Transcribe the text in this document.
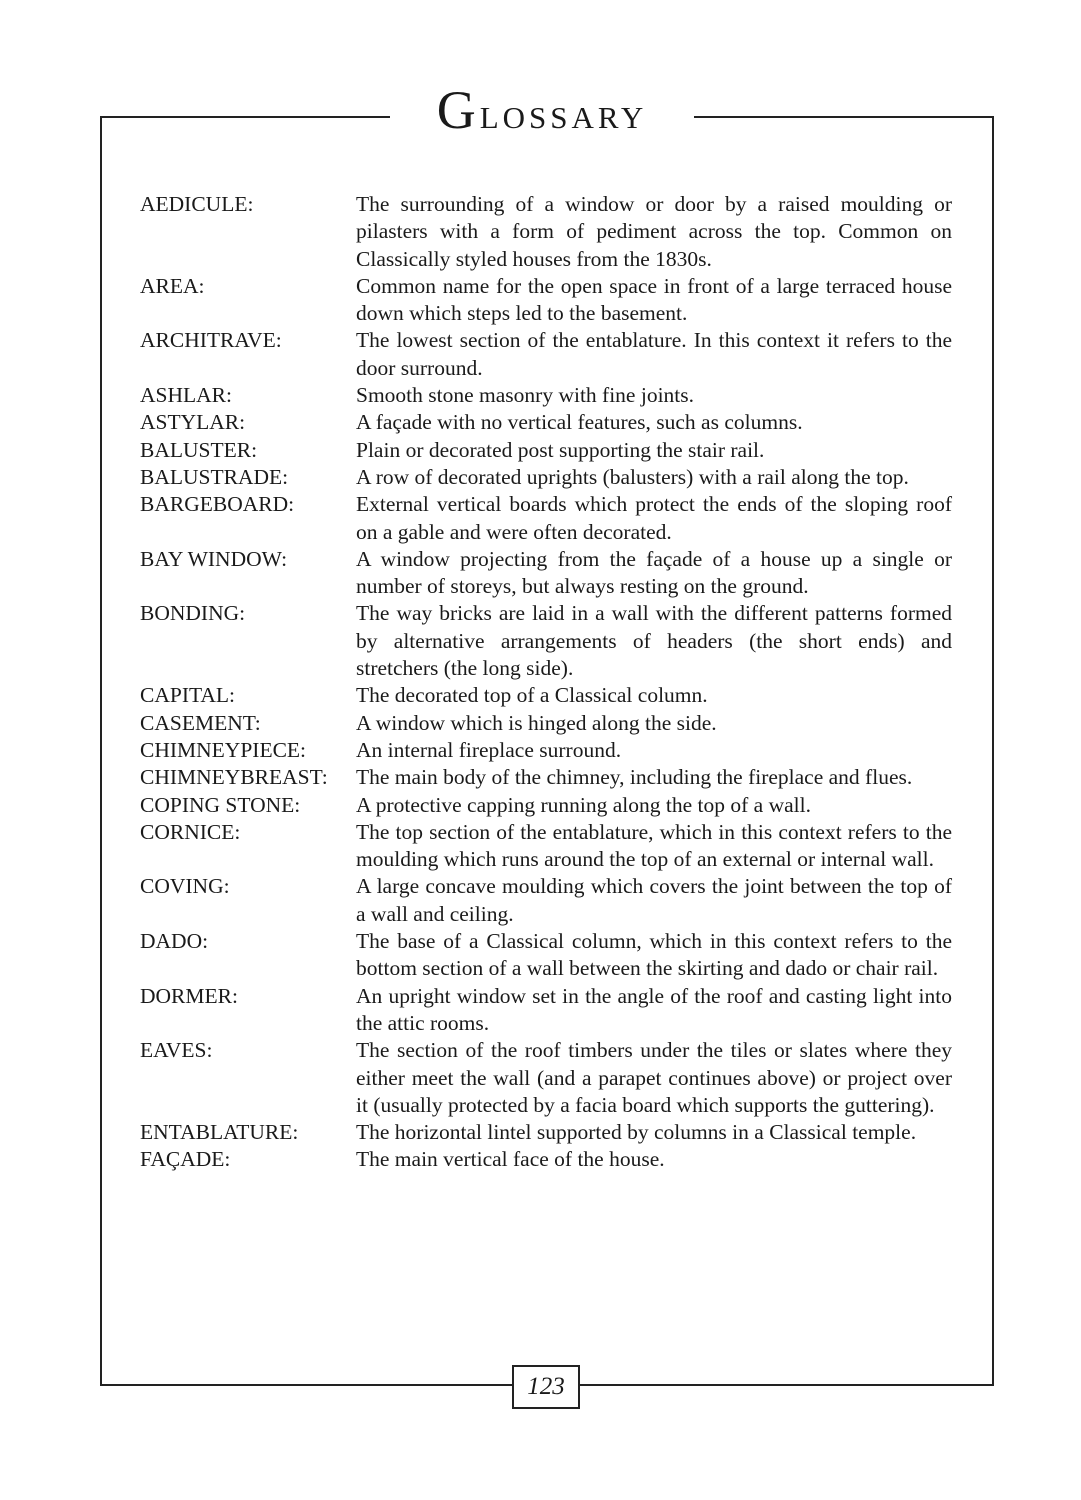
Glossary
AEDICULE:	The surrounding of a window or door by a raised moulding or pilasters with a form of pediment across the top. Common on Classically styled houses from the 1830s.
AREA:	Common name for the open space in front of a large terraced house down which steps led to the basement.
ARCHITRAVE:	The lowest section of the entablature. In this context it refers to the door surround.
ASHLAR:	Smooth stone masonry with fine joints.
ASTYLAR:	A façade with no vertical features, such as columns.
BALUSTER:	Plain or decorated post supporting the stair rail.
BALUSTRADE:	A row of decorated uprights (balusters) with a rail along the top.
BARGEBOARD:	External vertical boards which protect the ends of the sloping roof on a gable and were often decorated.
BAY WINDOW:	A window projecting from the façade of a house up a single or number of storeys, but always resting on the ground.
BONDING:	The way bricks are laid in a wall with the different patterns formed by alternative arrangements of headers (the short ends) and stretchers (the long side).
CAPITAL:	The decorated top of a Classical column.
CASEMENT:	A window which is hinged along the side.
CHIMNEYPIECE:	An internal fireplace surround.
CHIMNEYBREAST:	The main body of the chimney, including the fireplace and flues.
COPING STONE:	A protective capping running along the top of a wall.
CORNICE:	The top section of the entablature, which in this context refers to the moulding which runs around the top of an external or internal wall.
COVING:	A large concave moulding which covers the joint between the top of a wall and ceiling.
DADO:	The base of a Classical column, which in this context refers to the bottom section of a wall between the skirting and dado or chair rail.
DORMER:	An upright window set in the angle of the roof and casting light into the attic rooms.
EAVES:	The section of the roof timbers under the tiles or slates where they either meet the wall (and a parapet continues above) or project over it (usually protected by a facia board which supports the guttering).
ENTABLATURE:	The horizontal lintel supported by columns in a Classical temple.
FAÇADE:	The main vertical face of the house.
123
